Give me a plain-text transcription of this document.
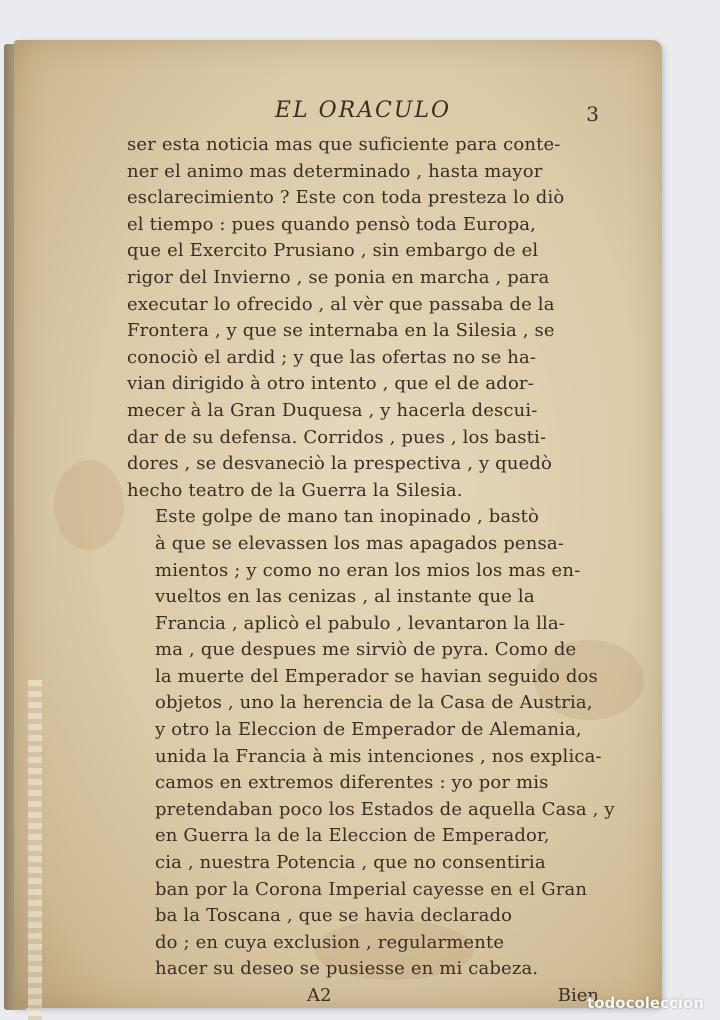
EL ORACULO	3

ser esta noticia mas que suficiente para conte-
ner el animo mas determinado , hasta mayor
esclarecimiento ? Este con toda presteza lo diò
el tiempo : pues quando pensò toda Europa,
que el Exercito Prusiano , sin embargo de el
rigor del Invierno , se ponia en marcha , para
executar lo ofrecido , al vèr que passaba de la
Frontera , y que se internaba en la Silesia , se
conociò el ardid ; y que las ofertas no se ha-
vian dirigido à otro intento , que el de ador-
mecer à la Gran Duquesa , y hacerla descui-
dar de su defensa. Corridos , pues , los basti-
dores , se desvaneciò la prespectiva , y quedò
hecho teatro de la Guerra la Silesia.

Este golpe de mano tan inopinado , bastò
à que se elevassen los mas apagados pensa-
mientos ; y como no eran los mios los mas en-
vueltos en las cenizas , al instante que la
Francia , aplicò el pabulo , levantaron la lla-
ma , que despues me sirviò de pyra. Como de
la muerte del Emperador se havian seguido dos
objetos , uno la herencia de la Casa de Austria,
y otro la Eleccion de Emperador de Alemania,
unida la Francia à mis intenciones , nos explica-
camos en extremos diferentes : yo por mis
pretendaban poco los Estados de aquella Casa , y
en Guerra la de la Eleccion de Emperador,
cia , nuestra Potencia , que no consentiria
ban por la Corona Imperial cayesse en el Gran
ba la Toscana , que se havia declarado
do ; en cuya exclusion , regularmente
hacer su deseo se pusiesse en mi cabeza.

A2	Bien
todocoleccion
